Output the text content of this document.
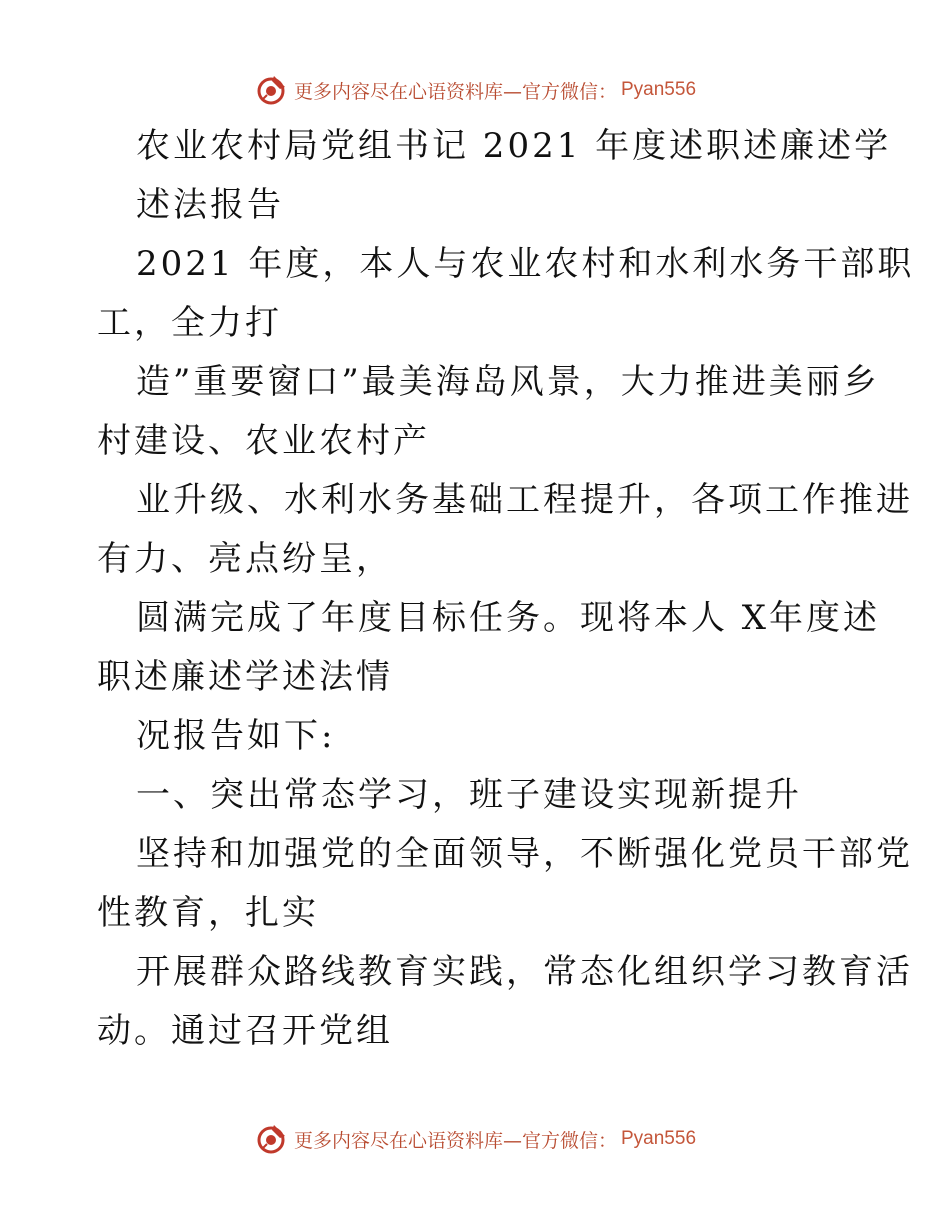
更多内容尽在心语资料库—官方微信： Pyan556
农业农村局党组书记 2021 年度述职述廉述学
述法报告
2021 年度，本人与农业农村和水利水务干部职
工，全力打
造”重要窗口”最美海岛风景，大力推进美丽乡
村建设、农业农村产
业升级、水利水务基础工程提升，各项工作推进
有力、亮点纷呈，
圆满完成了年度目标任务。现将本人 X年度述
职述廉述学述法情
况报告如下:
一、突出常态学习，班子建设实现新提升
坚持和加强党的全面领导，不断强化党员干部党
性教育，扎实
开展群众路线教育实践，常态化组织学习教育活
动。通过召开党组
更多内容尽在心语资料库—官方微信： Pyan556
